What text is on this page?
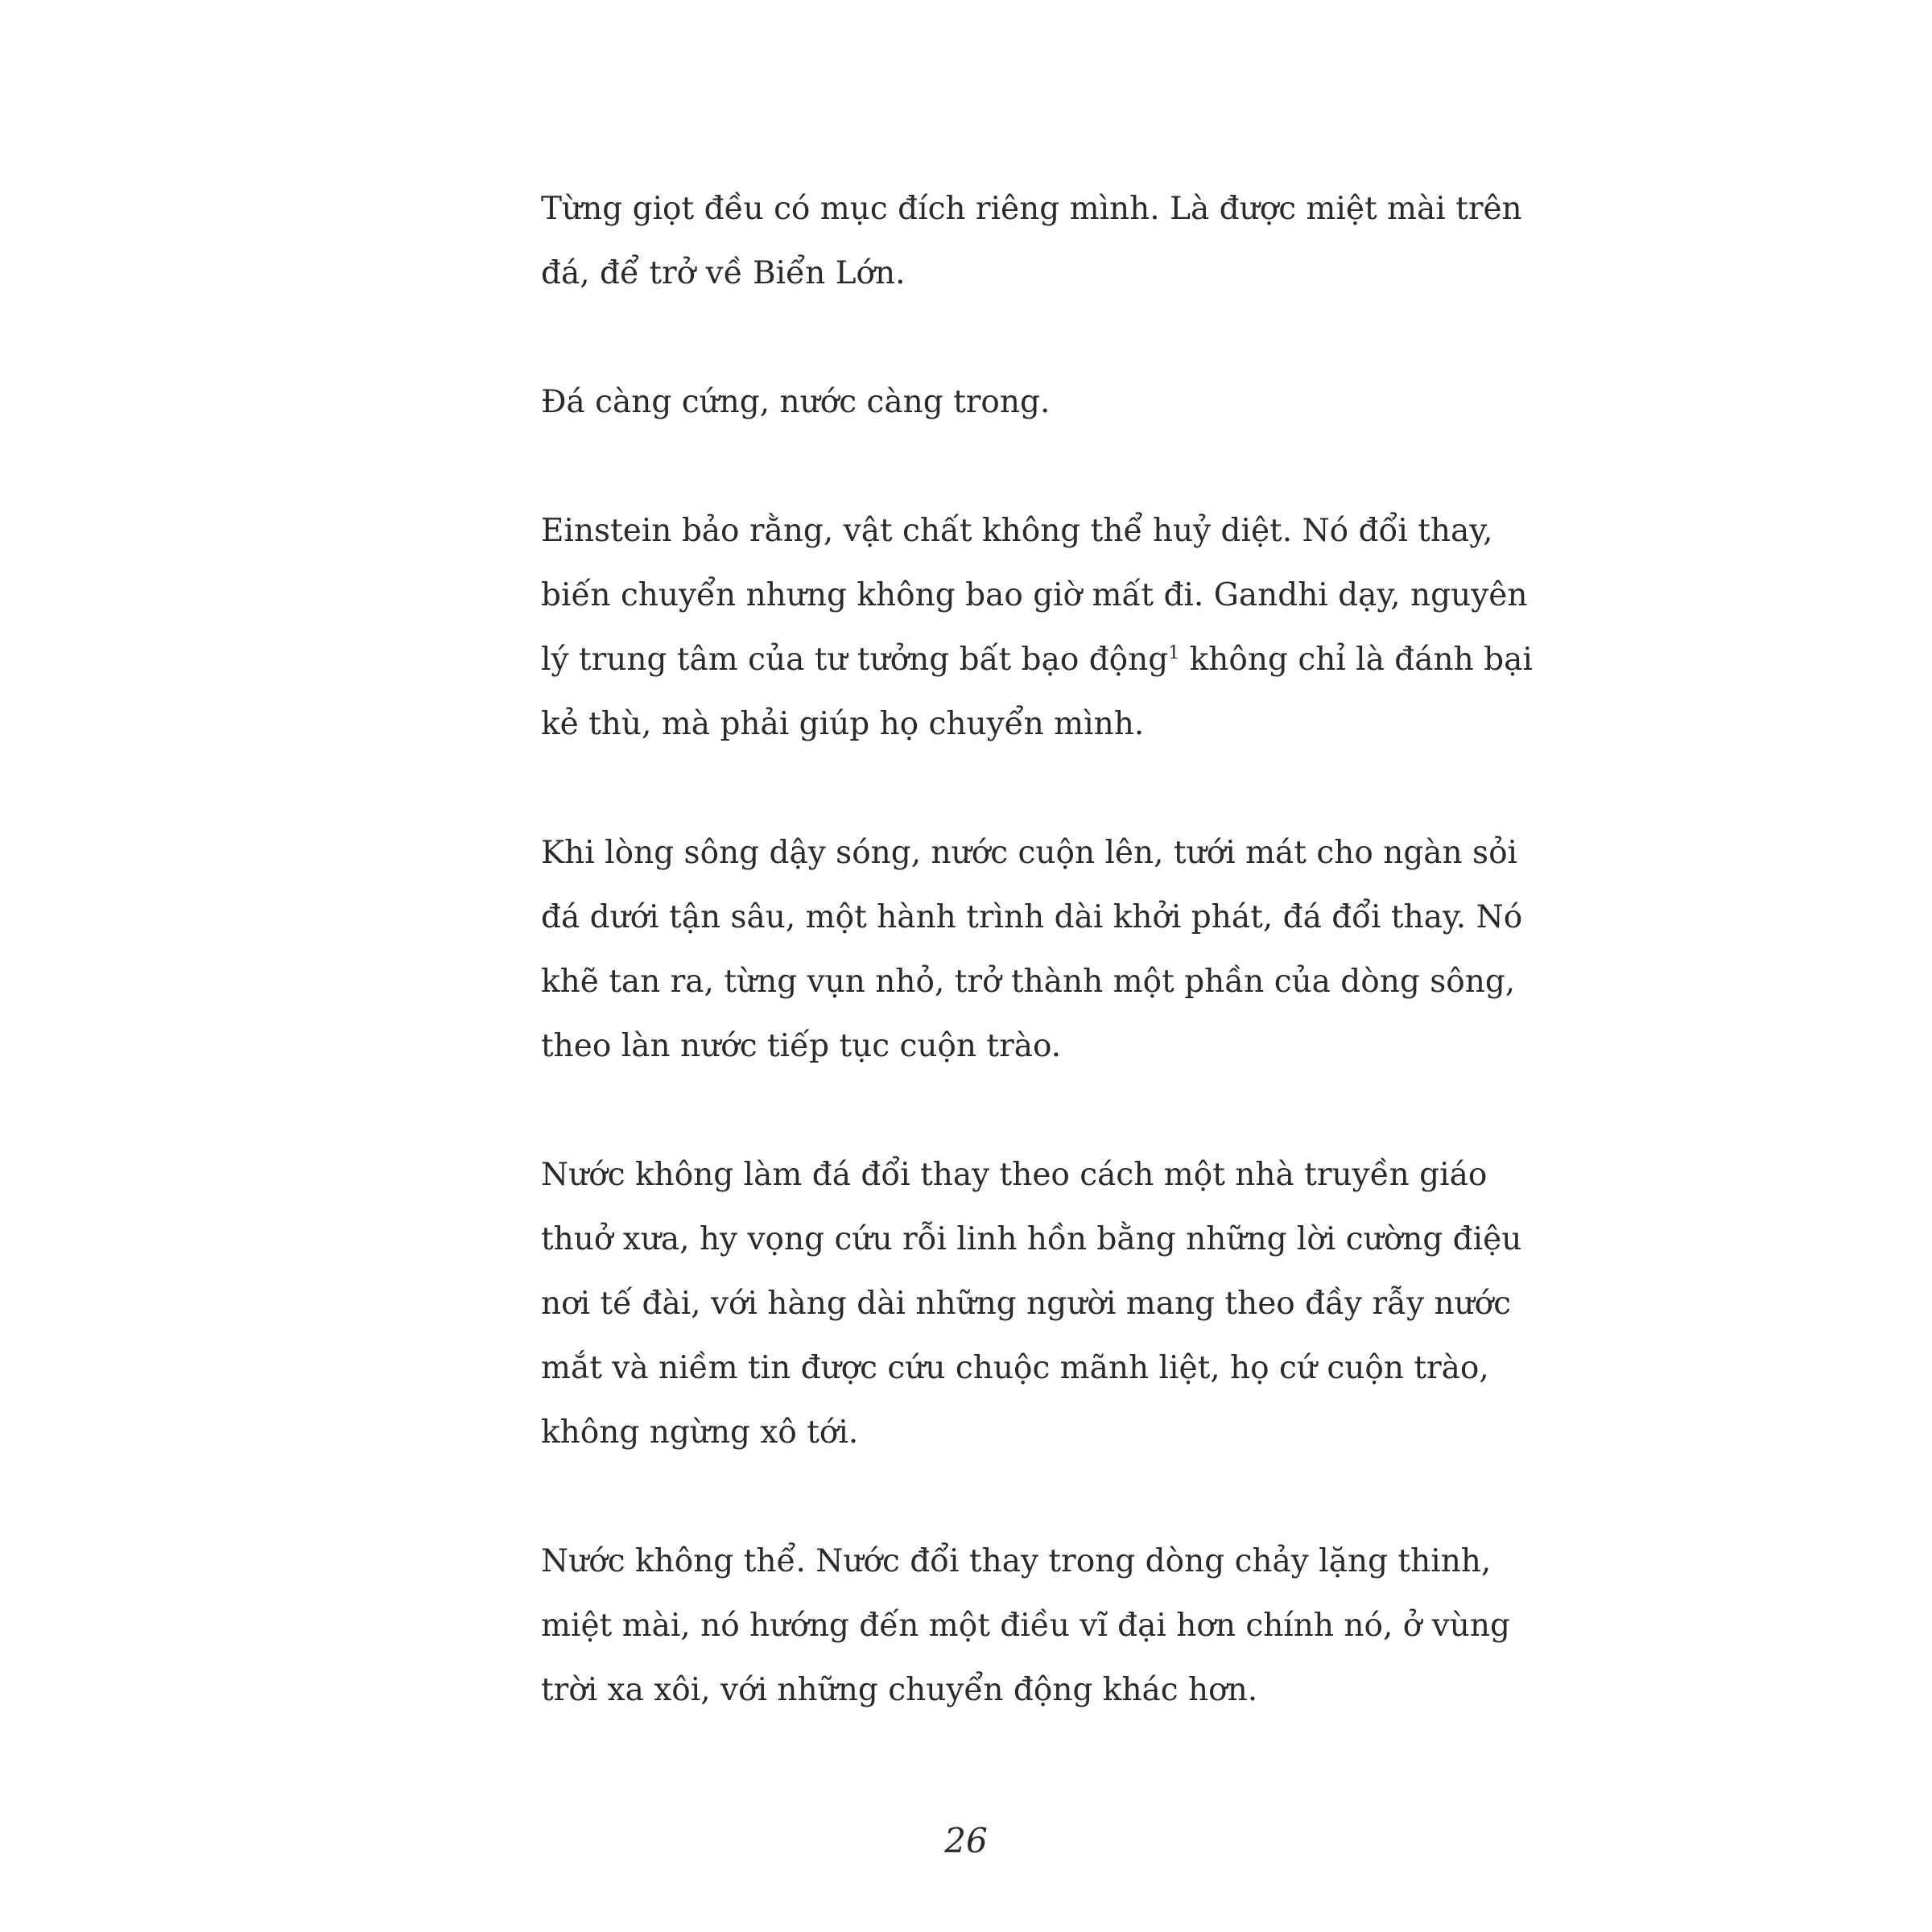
Từng giọt đều có mục đích riêng mình. Là được miệt mài trên
đá, để trở về Biển Lớn.

Đá càng cứng, nước càng trong.

Einstein bảo rằng, vật chất không thể huỷ diệt. Nó đổi thay,
biến chuyển nhưng không bao giờ mất đi. Gandhi dạy, nguyên
lý trung tâm của tư tưởng bất bạo động$^1$ không chỉ là đánh bại
kẻ thù, mà phải giúp họ chuyển mình.

Khi lòng sông dậy sóng, nước cuộn lên, tưới mát cho ngàn sỏi
đá dưới tận sâu, một hành trình dài khởi phát, đá đổi thay. Nó
khẽ tan ra, từng vụn nhỏ, trở thành một phần của dòng sông,
theo làn nước tiếp tục cuộn trào.

Nước không làm đá đổi thay theo cách một nhà truyền giáo
thuở xưa, hy vọng cứu rỗi linh hồn bằng những lời cường điệu
nơi tế đài, với hàng dài những người mang theo đầy rẫy nước
mắt và niềm tin được cứu chuộc mãnh liệt, họ cứ cuộn trào,
không ngừng xô tới.

Nước không thể. Nước đổi thay trong dòng chảy lặng thinh,
miệt mài, nó hướng đến một điều vĩ đại hơn chính nó, ở vùng
trời xa xôi, với những chuyển động khác hơn.

26
